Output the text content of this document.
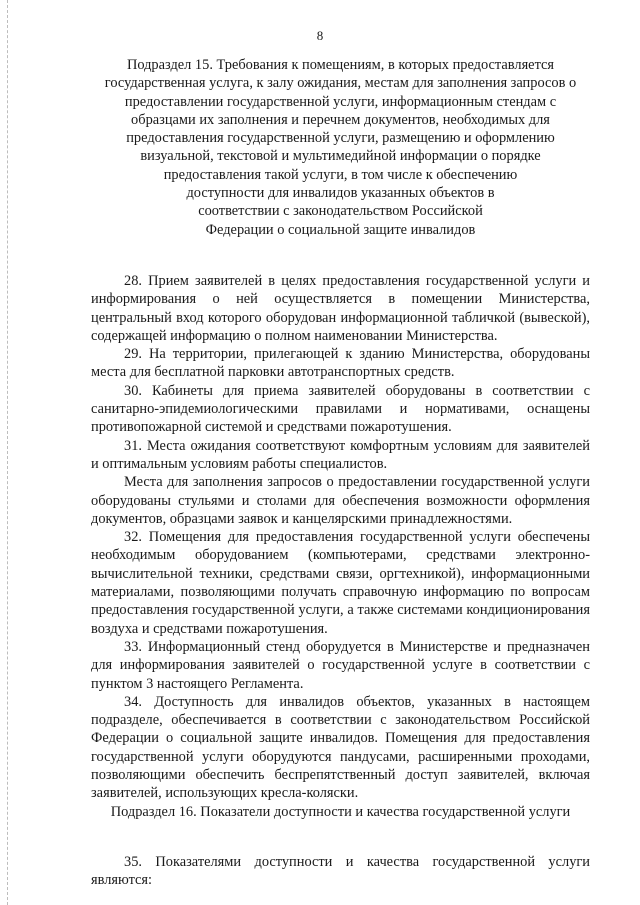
8
Подраздел 15. Требования к помещениям, в которых предоставляется
государственная услуга, к залу ожидания, местам для заполнения запросов о
предоставлении государственной услуги, информационным стендам с
образцами их заполнения и перечнем документов, необходимых для
предоставления государственной услуги, размещению и оформлению
визуальной, текстовой и мультимедийной информации о порядке
предоставления такой услуги, в том числе к обеспечению
доступности для инвалидов указанных объектов в
соответствии с законодательством Российской
Федерации о социальной защите инвалидов

28. Прием заявителей в целях предоставления государственной услуги и информирования о ней осуществляется в помещении Министерства, центральный вход которого оборудован информационной табличкой (вывеской), содержащей информацию о полном наименовании Министерства.

29. На территории, прилегающей к зданию Министерства, оборудованы места для бесплатной парковки автотранспортных средств.

30. Кабинеты для приема заявителей оборудованы в соответствии с санитарно-эпидемиологическими правилами и нормативами, оснащены противопожарной системой и средствами пожаротушения.

31. Места ожидания соответствуют комфортным условиям для заявителей и оптимальным условиям работы специалистов.

Места для заполнения запросов о предоставлении государственной услуги оборудованы стульями и столами для обеспечения возможности оформления документов, образцами заявок и канцелярскими принадлежностями.

32. Помещения для предоставления государственной услуги обеспечены необходимым оборудованием (компьютерами, средствами электронно-вычислительной техники, средствами связи, оргтехникой), информационными материалами, позволяющими получать справочную информацию по вопросам предоставления государственной услуги, а также системами кондиционирования воздуха и средствами пожаротушения.

33. Информационный стенд оборудуется в Министерстве и предназначен для информирования заявителей о государственной услуге в соответствии с пунктом 3 настоящего Регламента.

34. Доступность для инвалидов объектов, указанных в настоящем подразделе, обеспечивается в соответствии с законодательством Российской Федерации о социальной защите инвалидов. Помещения для предоставления государственной услуги оборудуются пандусами, расширенными проходами, позволяющими обеспечить беспрепятственный доступ заявителей, включая заявителей, использующих кресла-коляски.

Подраздел 16. Показатели доступности и качества государственной услуги

35. Показателями доступности и качества государственной услуги являются:
